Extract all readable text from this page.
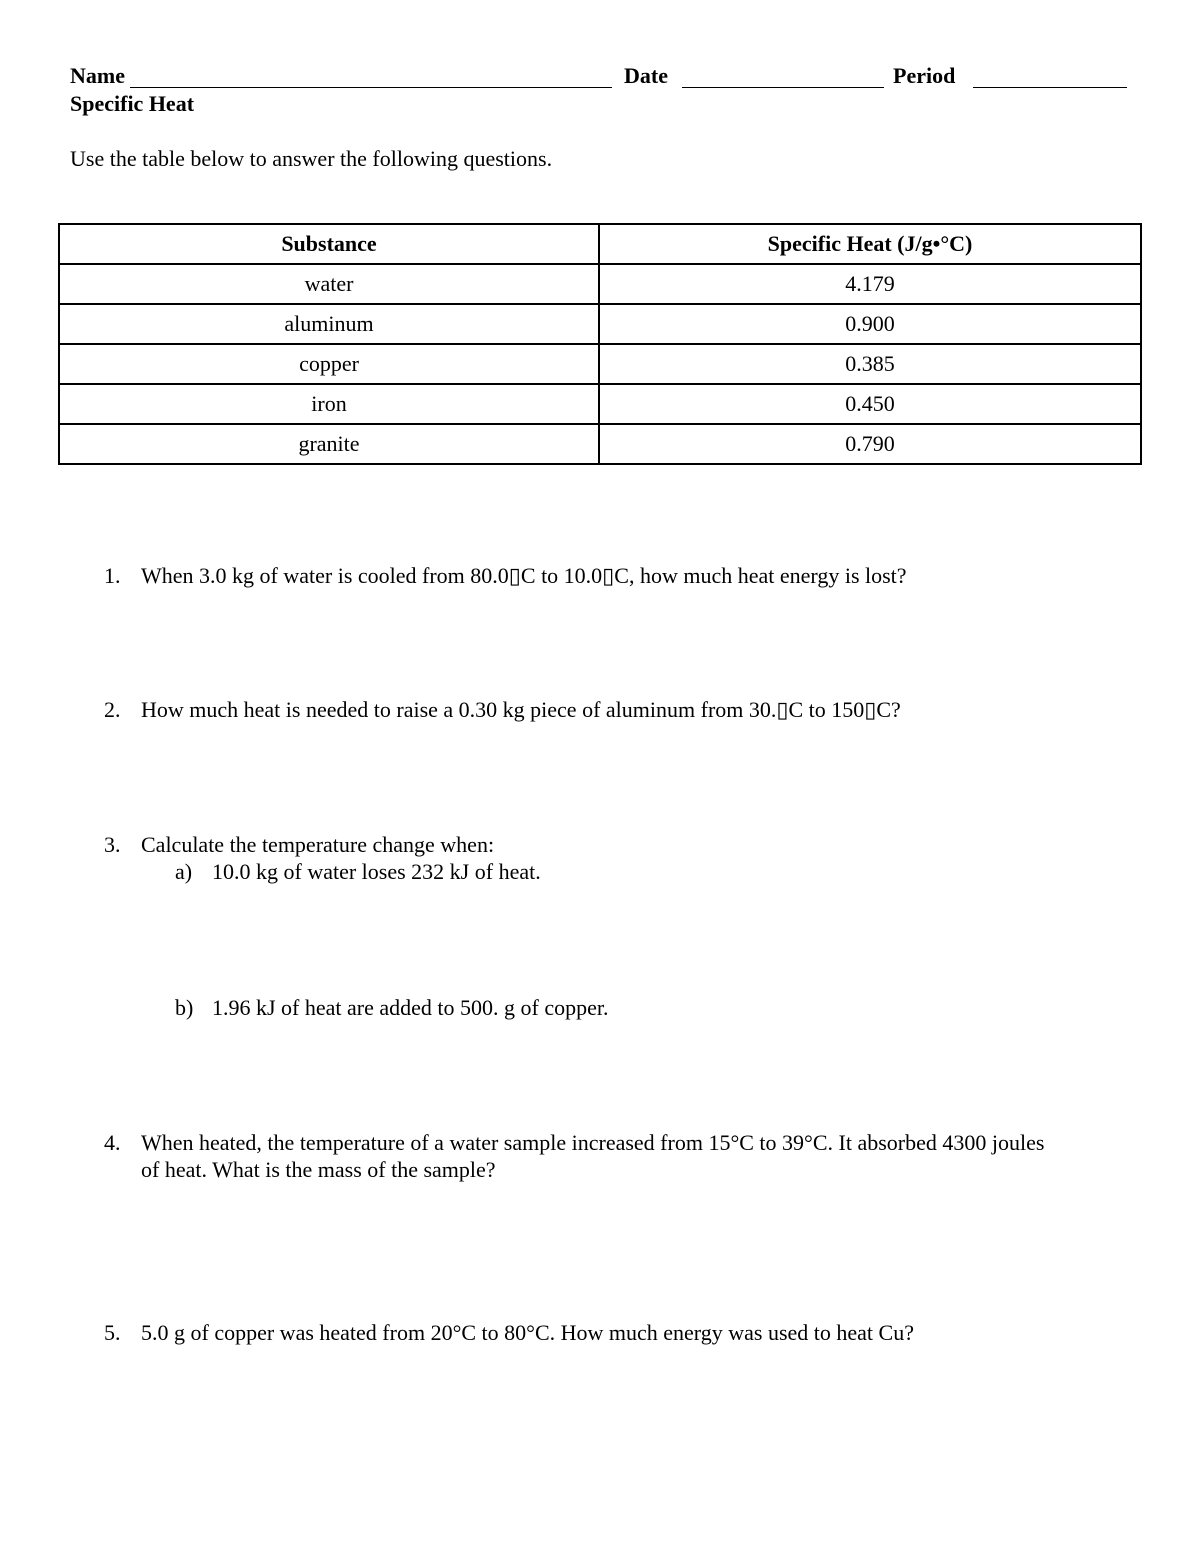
Name	Date	Period
Specific Heat
Use the table below to answer the following questions.
Substance	Specific Heat (J/g•°C)
water	4.179
aluminum	0.900
copper	0.385
iron	0.450
granite	0.790
1. When 3.0 kg of water is cooled from 80.0▯C to 10.0▯C, how much heat energy is lost?
2. How much heat is needed to raise a 0.30 kg piece of aluminum from 30.▯C to 150▯C?
3. Calculate the temperature change when:
a) 10.0 kg of water loses 232 kJ of heat.
b) 1.96 kJ of heat are added to 500. g of copper.
4. When heated, the temperature of a water sample increased from 15°C to 39°C. It absorbed 4300 joules
of heat. What is the mass of the sample?
5. 5.0 g of copper was heated from 20°C to 80°C. How much energy was used to heat Cu?
